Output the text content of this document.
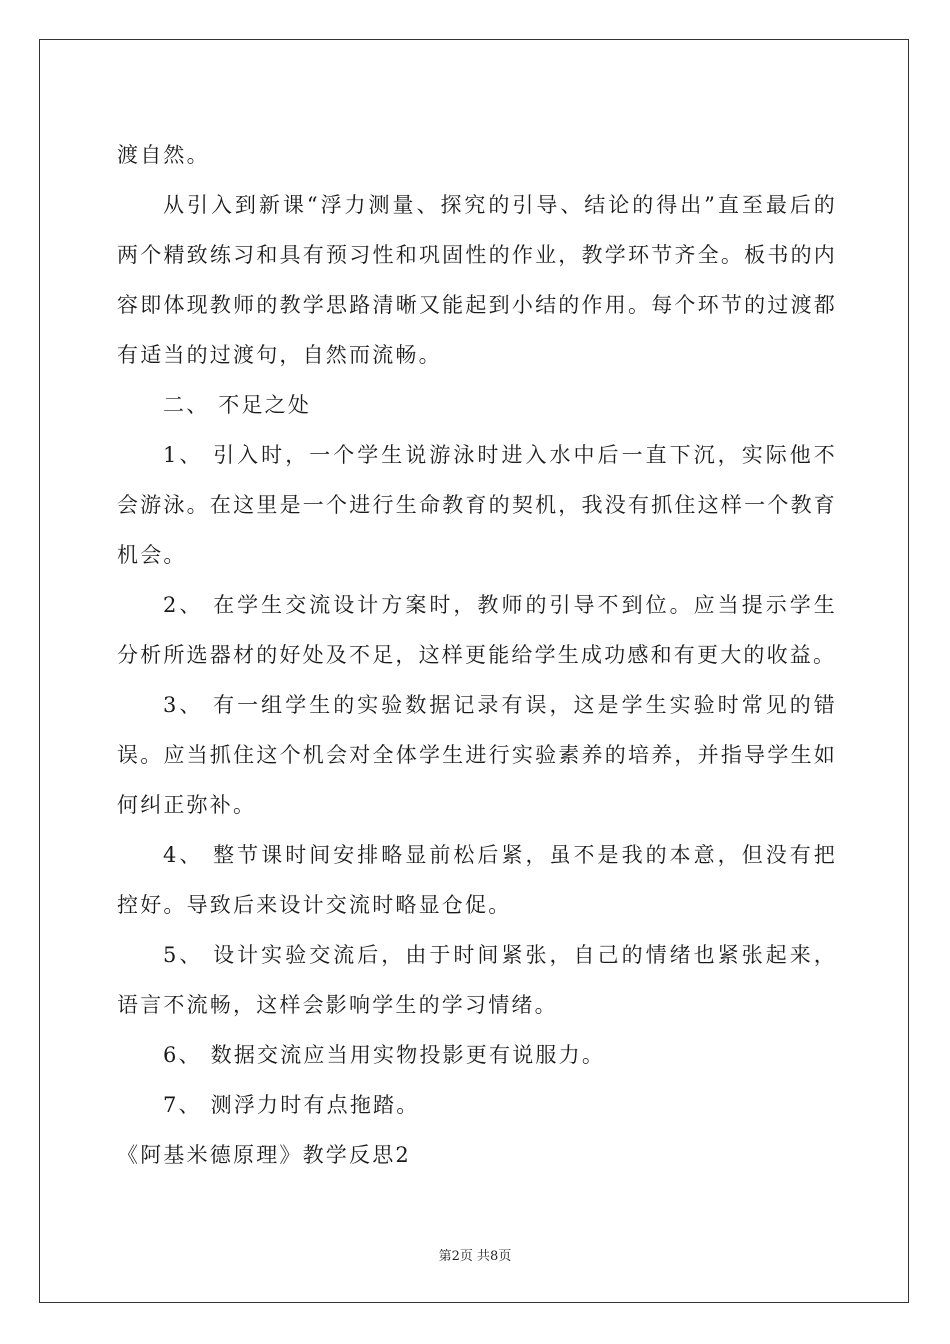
渡自然。

从引入到新课“浮力测量、探究的引导、结论的得出”直至最后的两个精致练习和具有预习性和巩固性的作业，教学环节齐全。板书的内容即体现教师的教学思路清晰又能起到小结的作用。每个环节的过渡都有适当的过渡句，自然而流畅。

二、 不足之处

1、 引入时，一个学生说游泳时进入水中后一直下沉，实际他不会游泳。在这里是一个进行生命教育的契机，我没有抓住这样一个教育机会。

2、 在学生交流设计方案时，教师的引导不到位。应当提示学生分析所选器材的好处及不足，这样更能给学生成功感和有更大的收益。

3、 有一组学生的实验数据记录有误，这是学生实验时常见的错误。应当抓住这个机会对全体学生进行实验素养的培养，并指导学生如何纠正弥补。

4、 整节课时间安排略显前松后紧，虽不是我的本意，但没有把控好。导致后来设计交流时略显仓促。

5、 设计实验交流后，由于时间紧张，自己的情绪也紧张起来，语言不流畅，这样会影响学生的学习情绪。

6、 数据交流应当用实物投影更有说服力。

7、 测浮力时有点拖踏。

《阿基米德原理》教学反思2

第2页 共8页
